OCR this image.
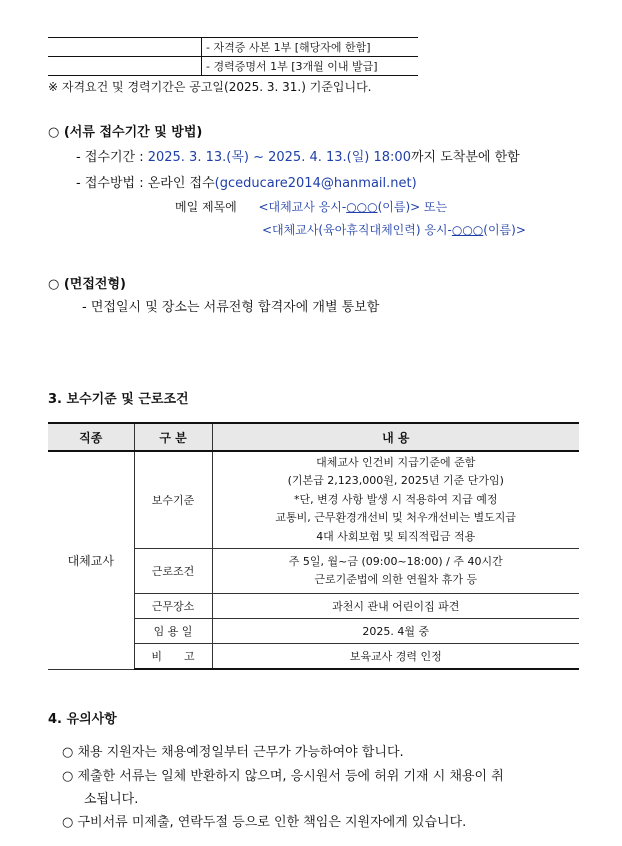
	- 자격증 사본 1부 [해당자에 한함]
	- 경력증명서 1부 [3개월 이내 발급]
※ 자격요건 및 경력기간은 공고일(2025. 3. 31.) 기준입니다.
○ (서류 접수기간 및 방법)
- 접수기간 : 2025. 3. 13.(목) ~ 2025. 4. 13.(일) 18:00까지 도착분에 한함
- 접수방법 : 온라인 접수(gceducare2014@hanmail.net)
메일 제목에 <대체교사 응시-○○○(이름)> 또는
<대체교사(육아휴직대체인력) 응시-○○○(이름)>
○ (면접전형)
- 면접일시 및 장소는 서류전형 합격자에 개별 통보함
3. 보수기준 및 근로조건
직종	구 분	내 용
대체교사	보수기준	대체교사 인건비 지급기준에 준함
(기본급 2,123,000원, 2025년 기준 단가임)
*단, 변경 사항 발생 시 적용하여 지급 예정
교통비, 근무환경개선비 및 처우개선비는 별도지급
4대 사회보험 및 퇴직적립금 적용

	근로조건	주 5일, 월~금 (09:00~18:00) / 주 40시간
근로기준법에 의한 연월차 휴가 등

	근무장소	과천시 관내 어린이집 파견
	임 용 일	2025. 4월 중
	비　　고	보육교사 경력 인정
4. 유의사항
○ 채용 지원자는 채용예정일부터 근무가 가능하여야 합니다.
○ 제출한 서류는 일체 반환하지 않으며, 응시원서 등에 허위 기재 시 채용이 취
소됩니다.
○ 구비서류 미제출, 연락두절 등으로 인한 책임은 지원자에게 있습니다.
